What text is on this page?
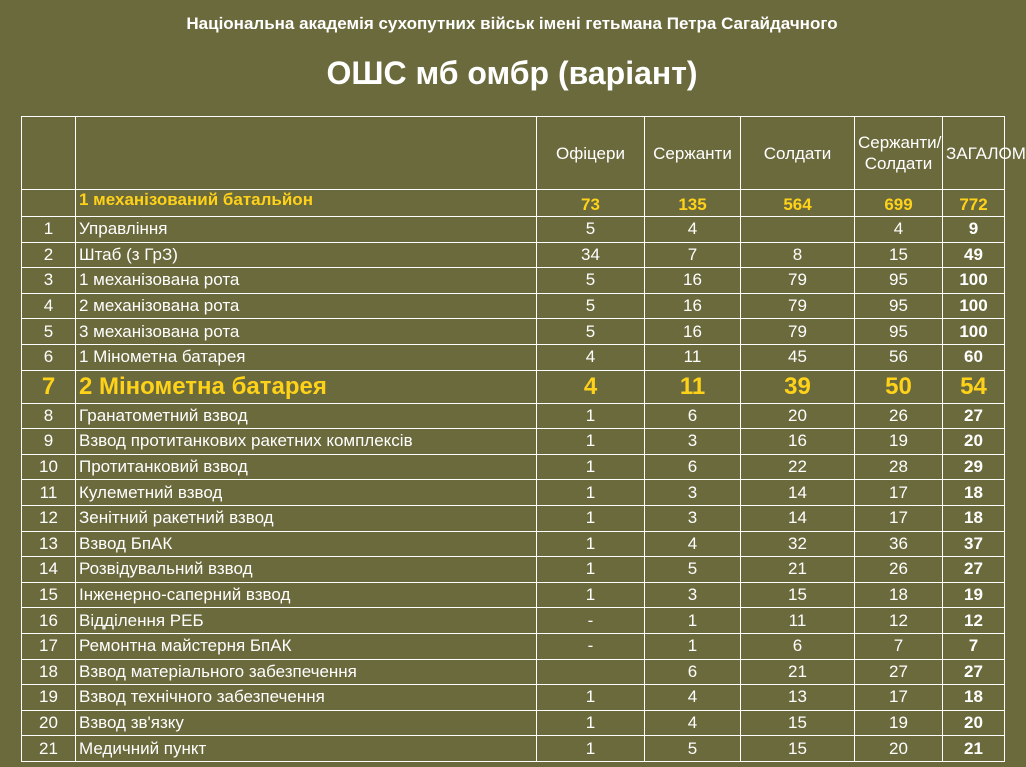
Національна академія сухопутних військ імені гетьмана Петра Сагайдачного
ОШС мб омбр (варіант)
		Офіцери	Сержанти	Солдати	Сержанти/Солдати	ЗАГАЛОМ
	1 механізований батальйон	73	135	564	699	772
1	Управління	5	4		4	9
2	Штаб (з ГрЗ)	34	7	8	15	49
3	1 механізована рота	5	16	79	95	100
4	2 механізована рота	5	16	79	95	100
5	3 механізована рота	5	16	79	95	100
6	1 Мінометна батарея	4	11	45	56	60
7	2 Мінометна батарея	4	11	39	50	54
8	Гранатометний взвод	1	6	20	26	27
9	Взвод протитанкових ракетних комплексів	1	3	16	19	20
10	Протитанковий взвод	1	6	22	28	29
11	Кулеметний взвод	1	3	14	17	18
12	Зенітний ракетний взвод	1	3	14	17	18
13	Взвод БпАК	1	4	32	36	37
14	Розвідувальний взвод	1	5	21	26	27
15	Інженерно-саперний взвод	1	3	15	18	19
16	Відділення РЕБ	-	1	11	12	12
17	Ремонтна майстерня БпАК	-	1	6	7	7
18	Взвод матеріального забезпечення		6	21	27	27
19	Взвод технічного забезпечення	1	4	13	17	18
20	Взвод зв'язку	1	4	15	19	20
21	Медичний пункт	1	5	15	20	21
